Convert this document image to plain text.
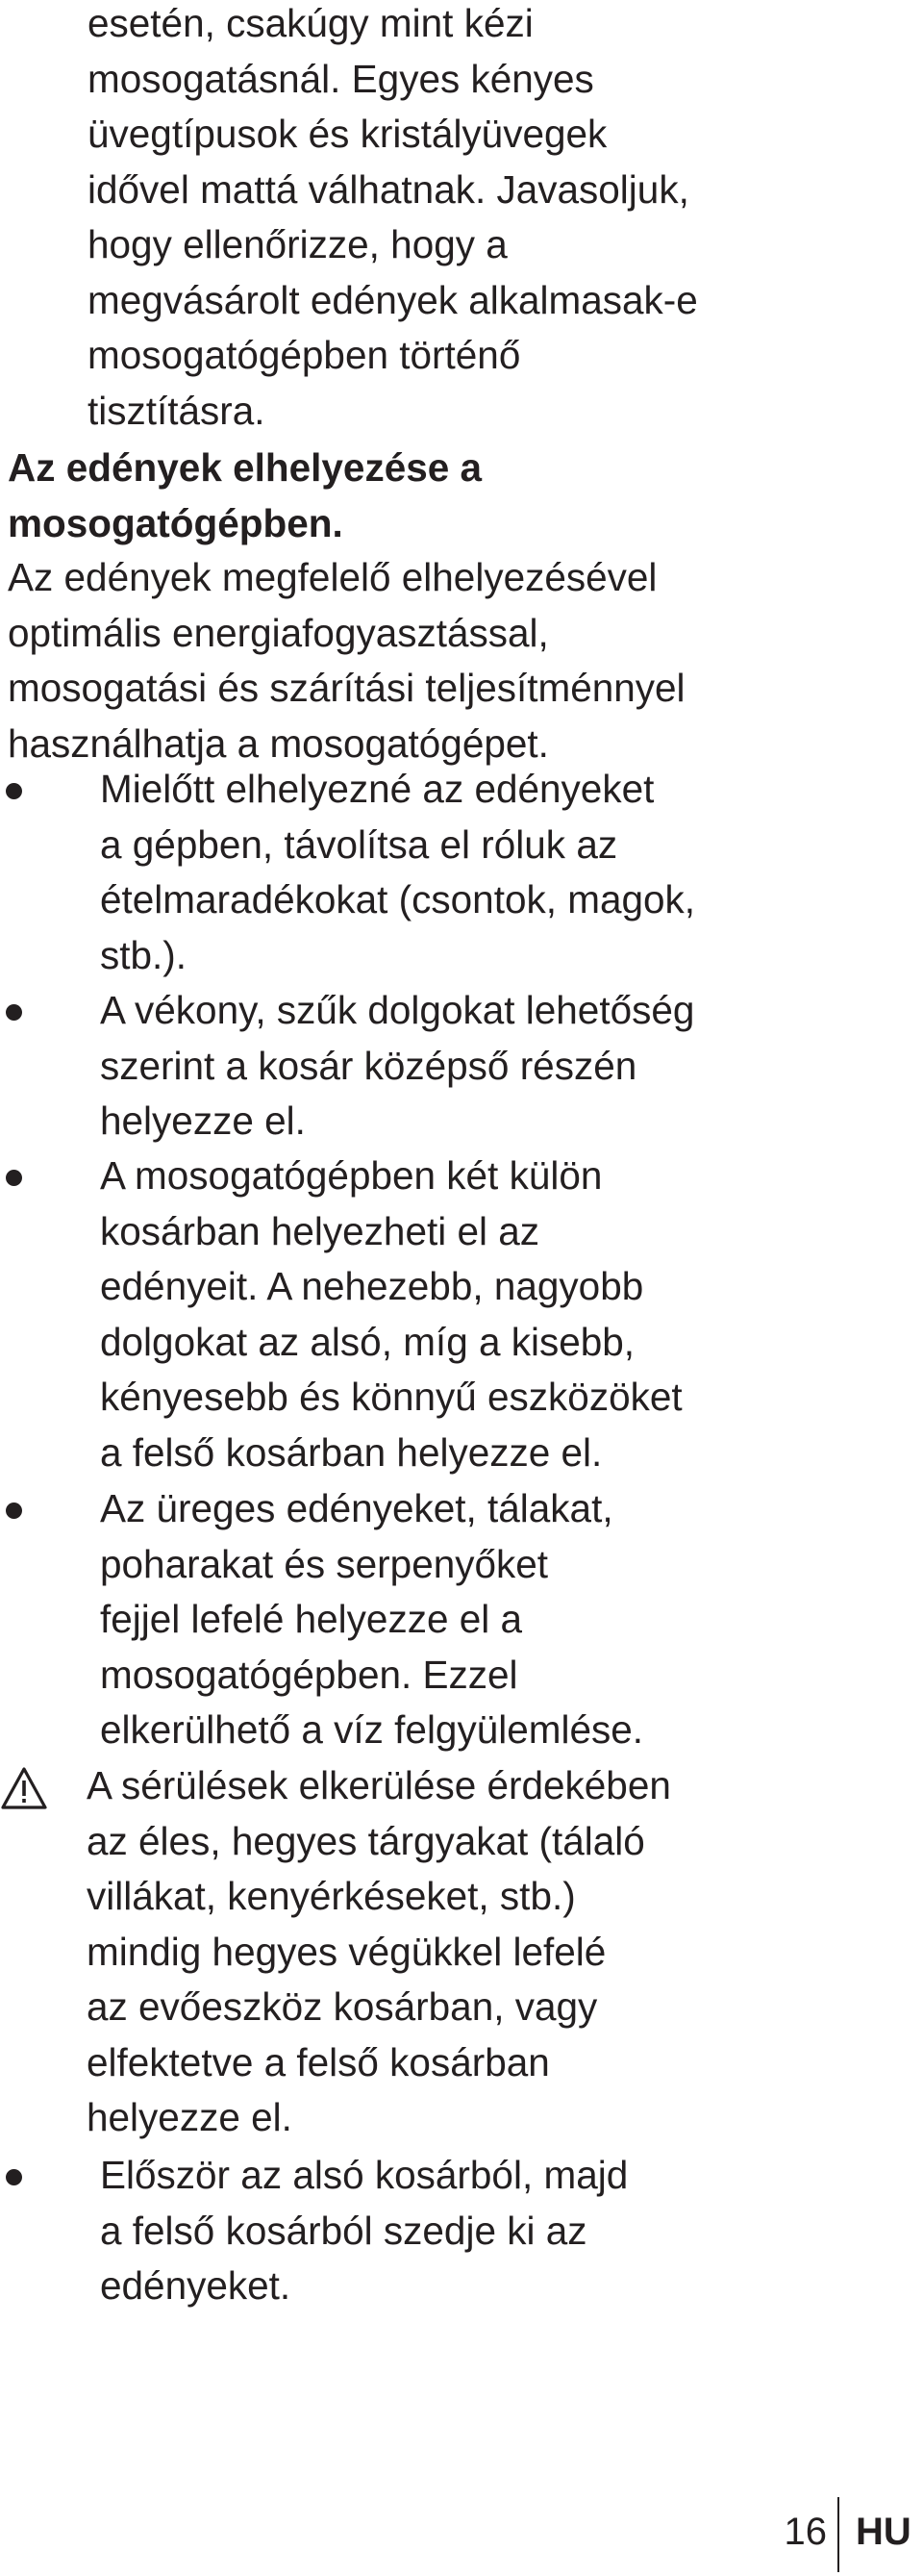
esetén, csakúgy mint kézi
mosogatásnál. Egyes kényes
üvegtípusok és kristályüvegek
idővel mattá válhatnak. Javasoljuk,
hogy ellenőrizze, hogy a
megvásárolt edények alkalmasak-e
mosogatógépben történő
tisztításra.

Az edények elhelyezése a
mosogatógépben.

Az edények megfelelő elhelyezésével
optimális energiafogyasztással,
mosogatási és szárítási teljesítménnyel
használhatja a mosogatógépet.

Mielőtt elhelyezné az edényeket
a gépben, távolítsa el róluk az
ételmaradékokat (csontok, magok,
stb.).

A vékony, szűk dolgokat lehetőség
szerint a kosár középső részén
helyezze el.

A mosogatógépben két külön
kosárban helyezheti el az
edényeit. A nehezebb, nagyobb
dolgokat az alsó, míg a kisebb,
kényesebb és könnyű eszközöket
a felső kosárban helyezze el.

Az üreges edényeket, tálakat,
poharakat és serpenyőket
fejjel lefelé helyezze el a
mosogatógépben. Ezzel
elkerülhető a víz felgyülemlése.

A sérülések elkerülése érdekében
az éles, hegyes tárgyakat (tálaló
villákat, kenyérkéseket, stb.)
mindig hegyes végükkel lefelé
az evőeszköz kosárban, vagy
elfektetve a felső kosárban
helyezze el.

Először az alsó kosárból, majd
a felső kosárból szedje ki az
edényeket.

16 HU
